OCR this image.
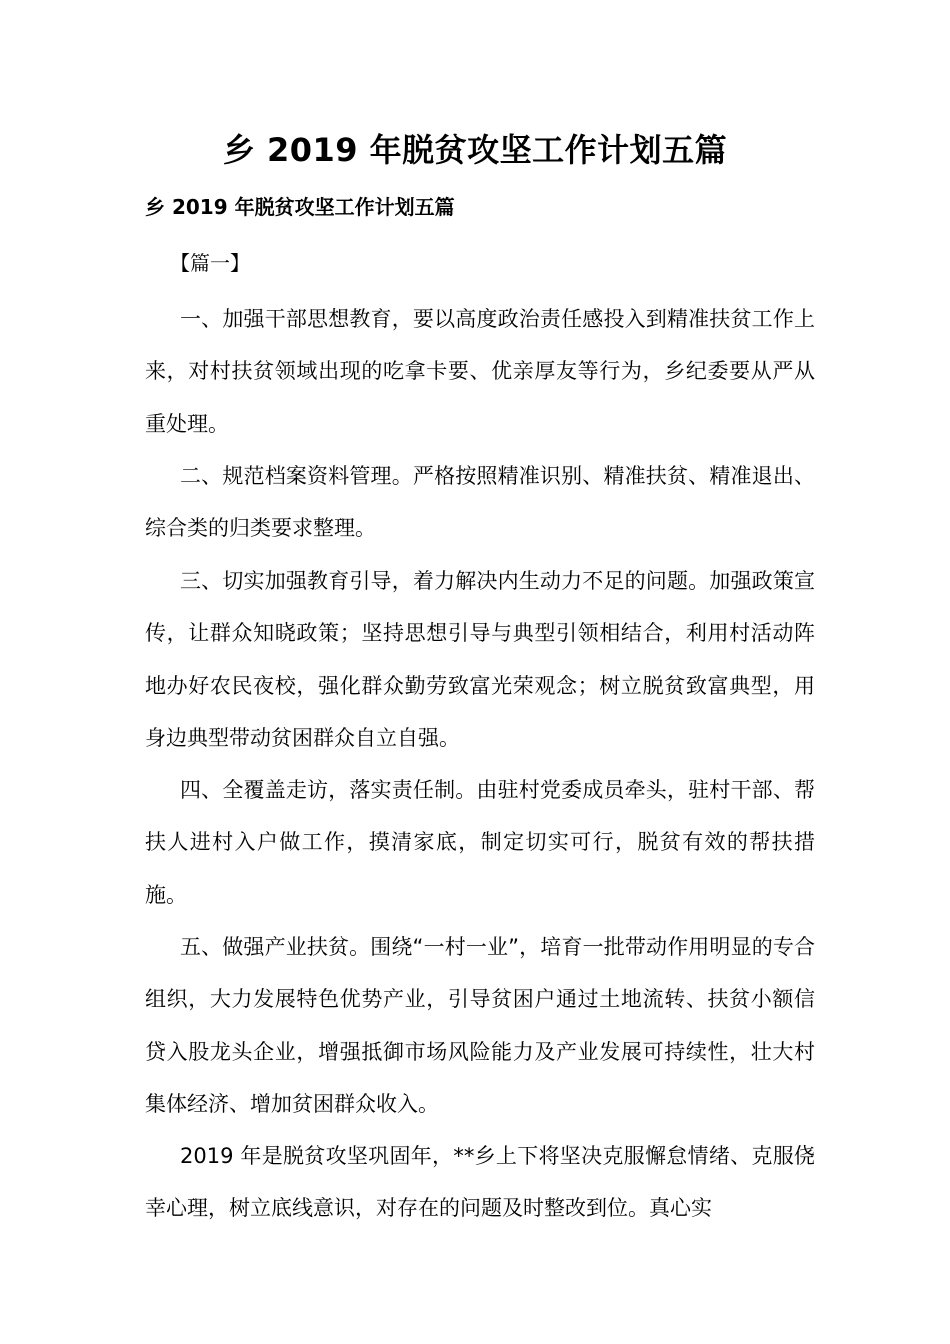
乡 2019 年脱贫攻坚工作计划五篇
乡 2019 年脱贫攻坚工作计划五篇

【篇一】

一、加强干部思想教育，要以高度政治责任感投入到精准扶贫工作上来，对村扶贫领域出现的吃拿卡要、优亲厚友等行为，乡纪委要从严从重处理。

二、规范档案资料管理。严格按照精准识别、精准扶贫、精准退出、综合类的归类要求整理。

三、切实加强教育引导，着力解决内生动力不足的问题。加强政策宣传，让群众知晓政策；坚持思想引导与典型引领相结合，利用村活动阵地办好农民夜校，强化群众勤劳致富光荣观念；树立脱贫致富典型，用身边典型带动贫困群众自立自强。

四、全覆盖走访，落实责任制。由驻村党委成员牵头，驻村干部、帮扶人进村入户做工作，摸清家底，制定切实可行，脱贫有效的帮扶措施。

五、做强产业扶贫。围绕“一村一业”，培育一批带动作用明显的专合组织，大力发展特色优势产业，引导贫困户通过土地流转、扶贫小额信贷入股龙头企业，增强抵御市场风险能力及产业发展可持续性，壮大村集体经济、增加贫困群众收入。

2019 年是脱贫攻坚巩固年，**乡上下将坚决克服懈怠情绪、克服侥幸心理，树立底线意识，对存在的问题及时整改到位。真心实
